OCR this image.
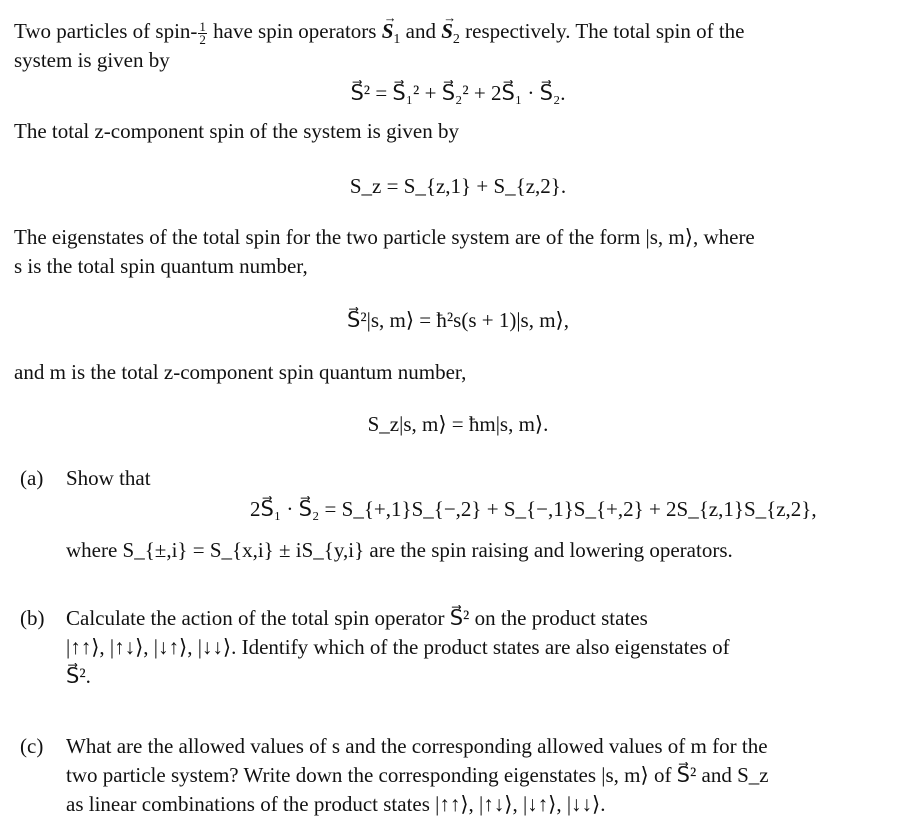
Two particles of spin- $\frac{1}{2}$ have spin operators → $S_1$ and → $S_2$ respectively. The total spin of the
system is given by
S⃗² = S⃗₁² + S⃗₂² + 2S⃗₁ · S⃗₂.
The total z-component spin of the system is given by
S_z = S_{z,1} + S_{z,2}.
The eigenstates of the total spin for the two particle system are of the form |s, m⟩, where
s is the total spin quantum number,
S⃗²|s, m⟩ = ħ²s(s + 1)|s, m⟩,
and m is the total z-component spin quantum number,
S_z|s, m⟩ = ħm|s, m⟩.
(a) Show that
2S⃗₁ · S⃗₂ = S_{+,1}S_{−,2} + S_{−,1}S_{+,2} + 2S_{z,1}S_{z,2},
where S_{±,i} = S_{x,i} ± iS_{y,i} are the spin raising and lowering operators.
(b) Calculate the action of the total spin operator S⃗² on the product states
|↑↑⟩, |↑↓⟩, |↓↑⟩, |↓↓⟩. Identify which of the product states are also eigenstates of
S⃗².
(c) What are the allowed values of s and the corresponding allowed values of m for the
two particle system? Write down the corresponding eigenstates |s, m⟩ of S⃗² and S_z
as linear combinations of the product states |↑↑⟩, |↑↓⟩, |↓↑⟩, |↓↓⟩.
